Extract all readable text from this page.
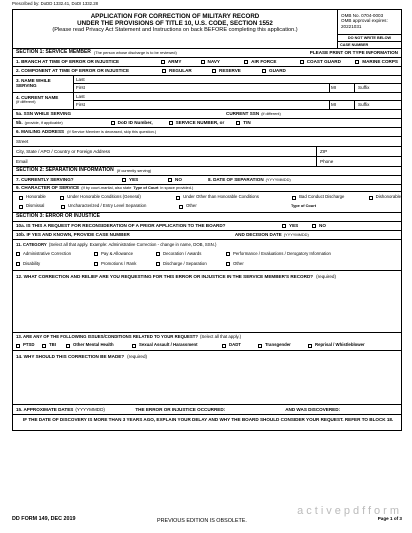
Prescribed by: DoDD 1332.41, DoDI 1332.28
APPLICATION FOR CORRECTION OF MILITARY RECORD
UNDER THE PROVISIONS OF TITLE 10, U.S. CODE, SECTION 1552
(Please read Privacy Act Statement and Instructions on back BEFORE completing this application.)
OMB No. 0704-0003
OMB approval expires:
20221031
DO NOT WRITE BELOW
CASE NUMBER
SECTION 1: SERVICE MEMBER (The person whose discharge is to be reviewed)	PLEASE PRINT OR TYPE INFORMATION
1. BRANCH AT TIME OF ERROR OR INJUSTICE	ARMY	NAVY	AIR FORCE	COAST GUARD	MARINE CORPS
2. COMPONENT AT TIME OF ERROR OR INJUSTICE	REGULAR	RESERVE	GUARD
3. NAME WHILE SERVING
Last
First	MI	Suffix
4. CURRENT NAME
(if different)
Last
First	MI	Suffix
5a. SSN WHILE SERVING	CURRENT SSN (if different)
5b. (provide, if applicable)	DoD ID Number,	SERVICE NUMBER, or	TIN
6. MAILING ADDRESS (If Service Member is deceased, skip this question.)
Street
City, State / APO / Country or Foreign Address	ZIP
Email	Phone
SECTION 2: SEPARATION INFORMATION (If currently serving)
7. CURRENTLY SERVING?	YES	NO	8. DATE OF SEPARATION (YYYYMMDD)
9. CHARACTER OF SERVICE (If by court-martial, also state Type of Court in space provided.)
Honorable	Under Honorable Conditions (General)	Under Other than Honorable Conditions	Bad Conduct Discharge	Dishonorable
Dismissal	Uncharacterized / Entry Level Separation	Other	Type of Court
SECTION 3: ERROR OR INJUSTICE
10a. IS THIS A REQUEST FOR RECONSIDERATION OF A PRIOR APPLICATION TO THE BOARD?	YES	NO
10b. IF YES AND KNOWN, PROVIDE CASE NUMBER	AND DECISION DATE (YYYYMMDD)
11. CATEGORY (Select all that apply. Example: Administrative Correction - change in name, DOB, SSN.)
Administrative Correction	Pay & Allowance	Decoration / Awards	Performance / Evaluations / Derogatory Information
Disability	Promotions / Rank	Discharge / Separation	Other
12. WHAT CORRECTION AND RELIEF ARE YOU REQUESTING FOR THIS ERROR OR INJUSTICE IN THE SERVICE MEMBER'S RECORD? (required)
13. ARE ANY OF THE FOLLOWING ISSUES/CONDITIONS RELATED TO YOUR REQUEST? (Select all that apply.)
PTSD	TBI	Other Mental Health	Sexual Assault / Harassment	DADT	Transgender	Reprisal / Whistleblower
14. WHY SHOULD THIS CORRECTION BE MADE? (required)
15. APPROXIMATE DATES (YYYYMMDD)	THE ERROR OR INJUSTICE OCCURRED:	AND WAS DISCOVERED:
IF THE DATE OF DISCOVERY IS MORE THAN 3 YEARS AGO, EXPLAIN YOUR DELAY AND WHY THE BOARD SHOULD CONSIDER YOUR REQUEST. REFER TO BLOCK 18.
DD FORM 149, DEC 2019	PREVIOUS EDITION IS OBSOLETE.	Page 1 of 3
activepdfform
